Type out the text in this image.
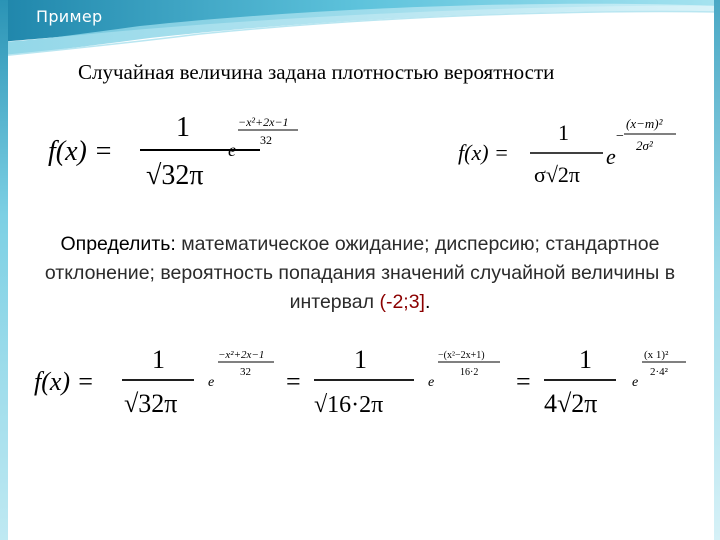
Пример
Случайная величина задана плотностью вероятности
f(x) =
1
√32π
e
−x²+2x−1
32	f(x) =
1
σ√2π
e
−
(x−m)²
2σ²
Определить: математическое ожидание; дисперсию; стандартное отклонение; вероятность попадания значений случайной величины в интервал (-2;3].
f(x) =
1
√32π
e
−x²+2x−1
32 =
1
√16·2π
e
−(x²−2x+1)
16·2 =
1
4√2π
e
(x 1)²
2·4²
